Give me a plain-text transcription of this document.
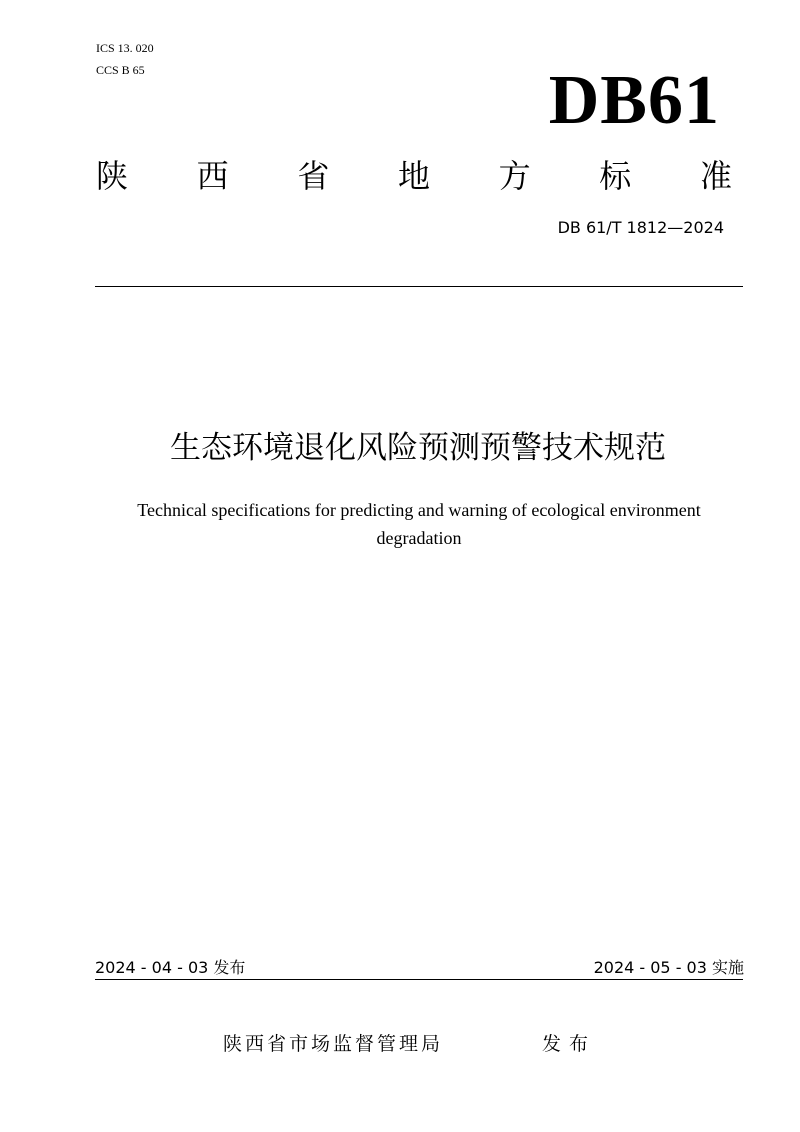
ICS 13. 020
CCS B 65	DB61
陕 西 省 地 方 标 准
DB 61/T 1812—2024
生态环境退化风险预测预警技术规范
Technical specifications for predicting and warning of ecological environment degradation
2024 - 04 - 03 发布	2024 - 05 - 03 实施
陕西省市场监督管理局	发布
